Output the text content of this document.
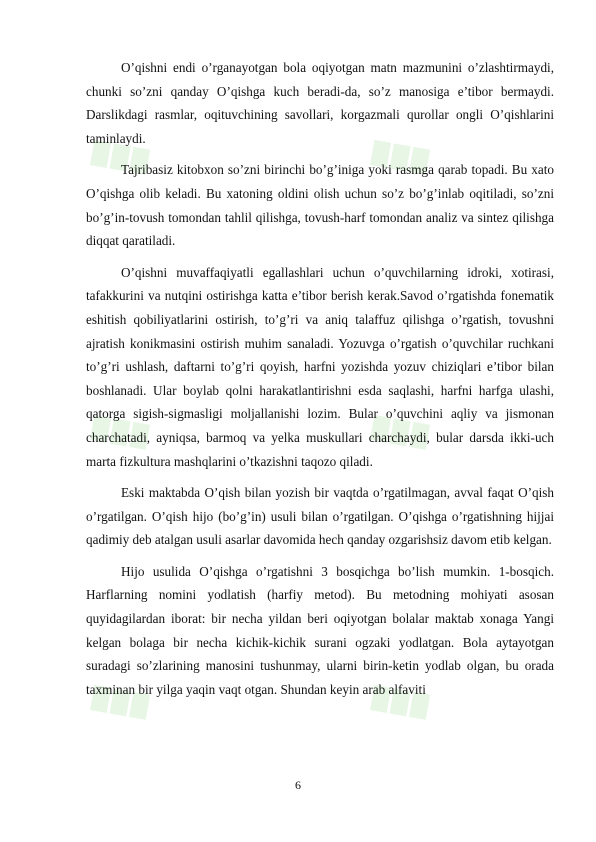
O’qishni endi o’rganayotgan bola oqiyotgan matn mazmunini o’zlashtirmaydi, chunki so’zni qanday O’qishga kuch beradi-da, so’z manosiga e’tibor bermaydi. Darslikdagi rasmlar, oqituvchining savollari, korgazmali qurollar ongli O’qishlarini taminlaydi.

Tajribasiz kitobxon so’zni birinchi bo’g’iniga yoki rasmga qarab topadi. Bu xato O’qishga olib keladi. Bu xatoning oldini olish uchun so’z bo’g’inlab oqitiladi, so’zni bo’g’in-tovush tomondan tahlil qilishga, tovush-harf tomondan analiz va sintez qilishga diqqat qaratiladi.

O’qishni muvaffaqiyatli egallashlari uchun o’quvchilarning idroki, xotirasi, tafakkurini va nutqini ostirishga katta e’tibor berish kerak.Savod o’rgatishda fonematik eshitish qobiliyatlarini ostirish, to’g’ri va aniq talaffuz qilishga o’rgatish, tovushni ajratish konikmasini ostirish muhim sanaladi. Yozuvga o’rgatish o’quvchilar ruchkani to’g’ri ushlash, daftarni to’g’ri qoyish, harfni yozishda yozuv chiziqlari e’tibor bilan boshlanadi. Ular boylab qolni harakatlantirishni esda saqlashi, harfni harfga ulashi, qatorga sigish-sigmasligi moljallanishi lozim. Bular o’quvchini aqliy va jismonan charchatadi, ayniqsa, barmoq va yelka muskullari charchaydi, bular darsda ikki-uch marta fizkultura mashqlarini o’tkazishni taqozo qiladi.

Eski maktabda O’qish bilan yozish bir vaqtda o’rgatilmagan, avval faqat O’qish o’rgatilgan. O’qish hijo (bo’g’in) usuli bilan o’rgatilgan. O’qishga o’rgatishning hijjai qadimiy deb atalgan usuli asarlar davomida hech qanday ozgarishsiz davom etib kelgan.

Hijo usulida O’qishga o’rgatishni 3 bosqichga bo’lish mumkin. 1-bosqich. Harflarning nomini yodlatish (harfiy metod). Bu metodning mohiyati asosan quyidagilardan iborat: bir necha yildan beri oqiyotgan bolalar maktab xonaga Yangi kelgan bolaga bir necha kichik-kichik surani ogzaki yodlatgan. Bola aytayotgan suradagi so’zlarining manosini tushunmay, ularni birin-ketin yodlab olgan, bu orada taxminan bir yilga yaqin vaqt otgan. Shundan keyin arab alfaviti

6
